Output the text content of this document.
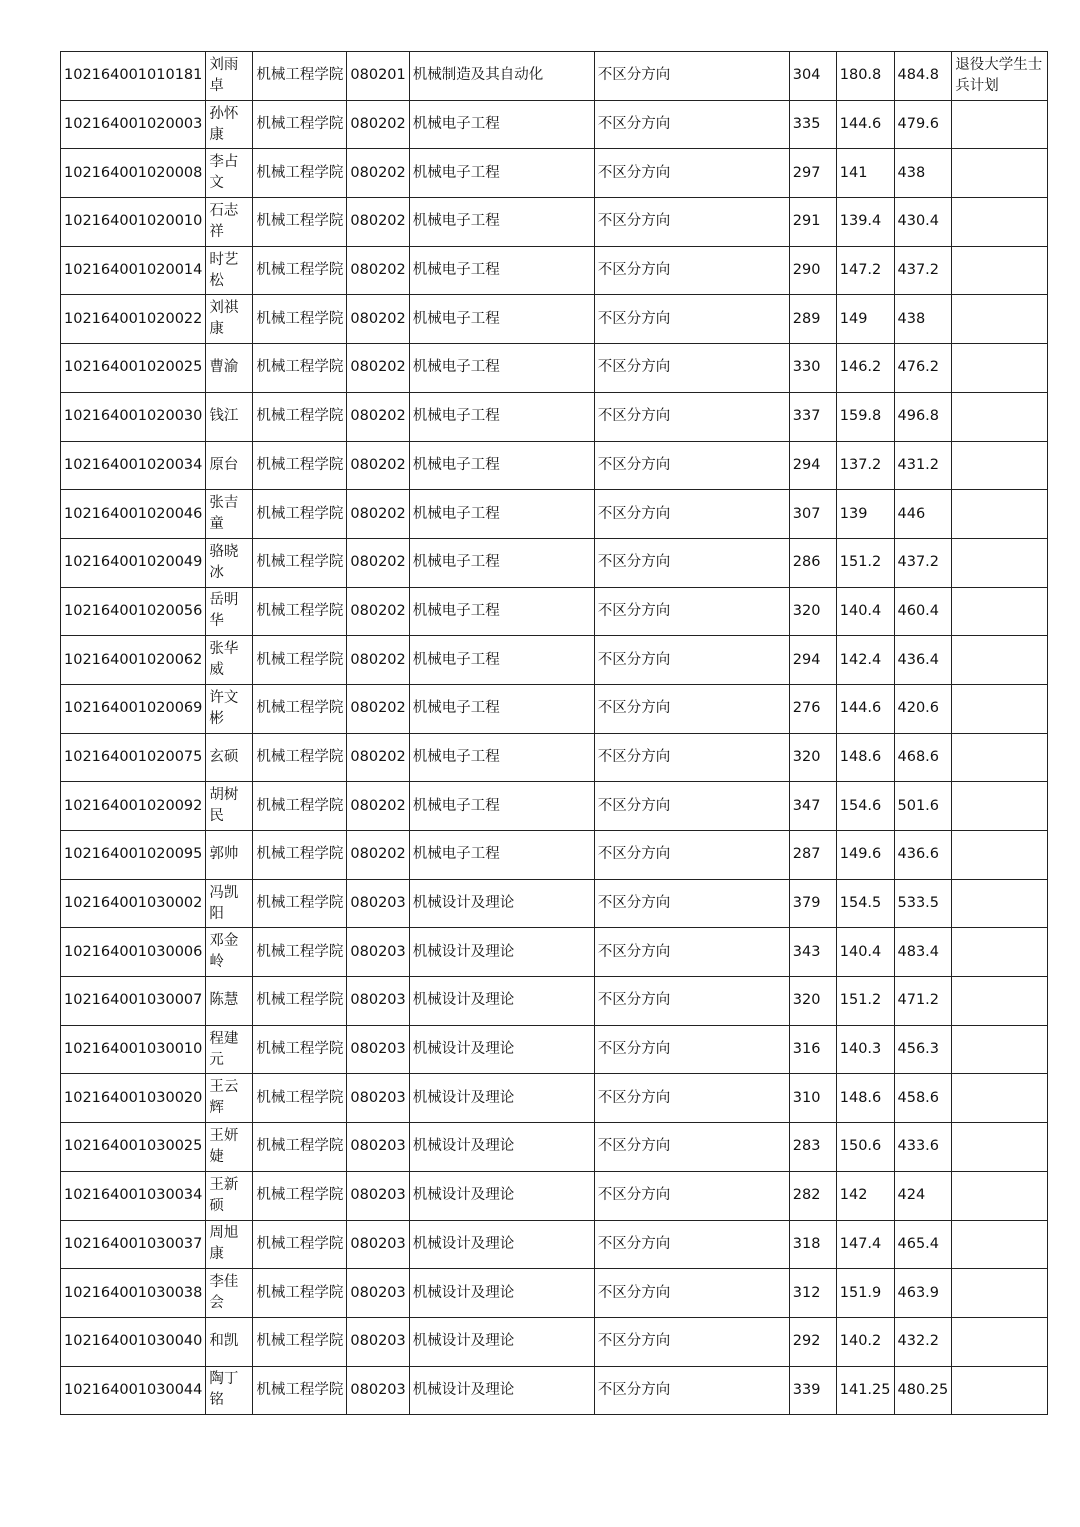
102164001010181	刘雨卓	机械工程学院	080201	机械制造及其自动化	不区分方向	304	180.8	484.8	退役大学生士兵计划
102164001020003	孙怀康	机械工程学院	080202	机械电子工程	不区分方向	335	144.6	479.6	
102164001020008	李占文	机械工程学院	080202	机械电子工程	不区分方向	297	141	438	
102164001020010	石志祥	机械工程学院	080202	机械电子工程	不区分方向	291	139.4	430.4	
102164001020014	时艺松	机械工程学院	080202	机械电子工程	不区分方向	290	147.2	437.2	
102164001020022	刘祺康	机械工程学院	080202	机械电子工程	不区分方向	289	149	438	
102164001020025	曹渝	机械工程学院	080202	机械电子工程	不区分方向	330	146.2	476.2	
102164001020030	钱江	机械工程学院	080202	机械电子工程	不区分方向	337	159.8	496.8	
102164001020034	原台	机械工程学院	080202	机械电子工程	不区分方向	294	137.2	431.2	
102164001020046	张吉童	机械工程学院	080202	机械电子工程	不区分方向	307	139	446	
102164001020049	骆晓冰	机械工程学院	080202	机械电子工程	不区分方向	286	151.2	437.2	
102164001020056	岳明华	机械工程学院	080202	机械电子工程	不区分方向	320	140.4	460.4	
102164001020062	张华威	机械工程学院	080202	机械电子工程	不区分方向	294	142.4	436.4	
102164001020069	许文彬	机械工程学院	080202	机械电子工程	不区分方向	276	144.6	420.6	
102164001020075	玄硕	机械工程学院	080202	机械电子工程	不区分方向	320	148.6	468.6	
102164001020092	胡树民	机械工程学院	080202	机械电子工程	不区分方向	347	154.6	501.6	
102164001020095	郭帅	机械工程学院	080202	机械电子工程	不区分方向	287	149.6	436.6	
102164001030002	冯凯阳	机械工程学院	080203	机械设计及理论	不区分方向	379	154.5	533.5	
102164001030006	邓金岭	机械工程学院	080203	机械设计及理论	不区分方向	343	140.4	483.4	
102164001030007	陈慧	机械工程学院	080203	机械设计及理论	不区分方向	320	151.2	471.2	
102164001030010	程建元	机械工程学院	080203	机械设计及理论	不区分方向	316	140.3	456.3	
102164001030020	王云辉	机械工程学院	080203	机械设计及理论	不区分方向	310	148.6	458.6	
102164001030025	王妍婕	机械工程学院	080203	机械设计及理论	不区分方向	283	150.6	433.6	
102164001030034	王新硕	机械工程学院	080203	机械设计及理论	不区分方向	282	142	424	
102164001030037	周旭康	机械工程学院	080203	机械设计及理论	不区分方向	318	147.4	465.4	
102164001030038	李佳会	机械工程学院	080203	机械设计及理论	不区分方向	312	151.9	463.9	
102164001030040	和凯	机械工程学院	080203	机械设计及理论	不区分方向	292	140.2	432.2	
102164001030044	陶丁铭	机械工程学院	080203	机械设计及理论	不区分方向	339	141.25	480.25	
